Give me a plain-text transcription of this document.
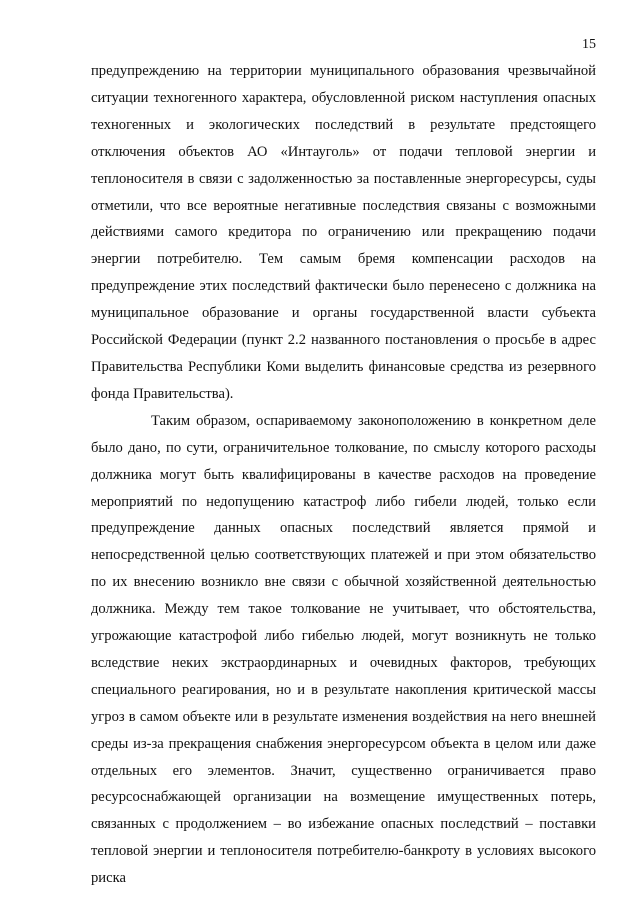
15

предупреждению на территории муниципального образования чрезвычайной ситуации техногенного характера, обусловленной риском наступления опасных техногенных и экологических последствий в результате предстоящего отключения объектов АО «Интауголь» от подачи тепловой энергии и теплоносителя в связи с задолженностью за поставленные энергоресурсы, суды отметили, что все вероятные негативные последствия связаны с возможными действиями самого кредитора по ограничению или прекращению подачи энергии потребителю. Тем самым бремя компенсации расходов на предупреждение этих последствий фактически было перенесено с должника на муниципальное образование и органы государственной власти субъекта Российской Федерации (пункт 2.2 названного постановления о просьбе в адрес Правительства Республики Коми выделить финансовые средства из резервного фонда Правительства).

Таким образом, оспариваемому законоположению в конкретном деле было дано, по сути, ограничительное толкование, по смыслу которого расходы должника могут быть квалифицированы в качестве расходов на проведение мероприятий по недопущению катастроф либо гибели людей, только если предупреждение данных опасных последствий является прямой и непосредственной целью соответствующих платежей и при этом обязательство по их внесению возникло вне связи с обычной хозяйственной деятельностью должника. Между тем такое толкование не учитывает, что обстоятельства, угрожающие катастрофой либо гибелью людей, могут возникнуть не только вследствие неких экстраординарных и очевидных факторов, требующих специального реагирования, но и в результате накопления критической массы угроз в самом объекте или в результате изменения воздействия на него внешней среды из-за прекращения снабжения энергоресурсом объекта в целом или даже отдельных его элементов. Значит, существенно ограничивается право ресурсоснабжающей организации на возмещение имущественных потерь, связанных с продолжением – во избежание опасных последствий – поставки тепловой энергии и теплоносителя потребителю-банкроту в условиях высокого риска
